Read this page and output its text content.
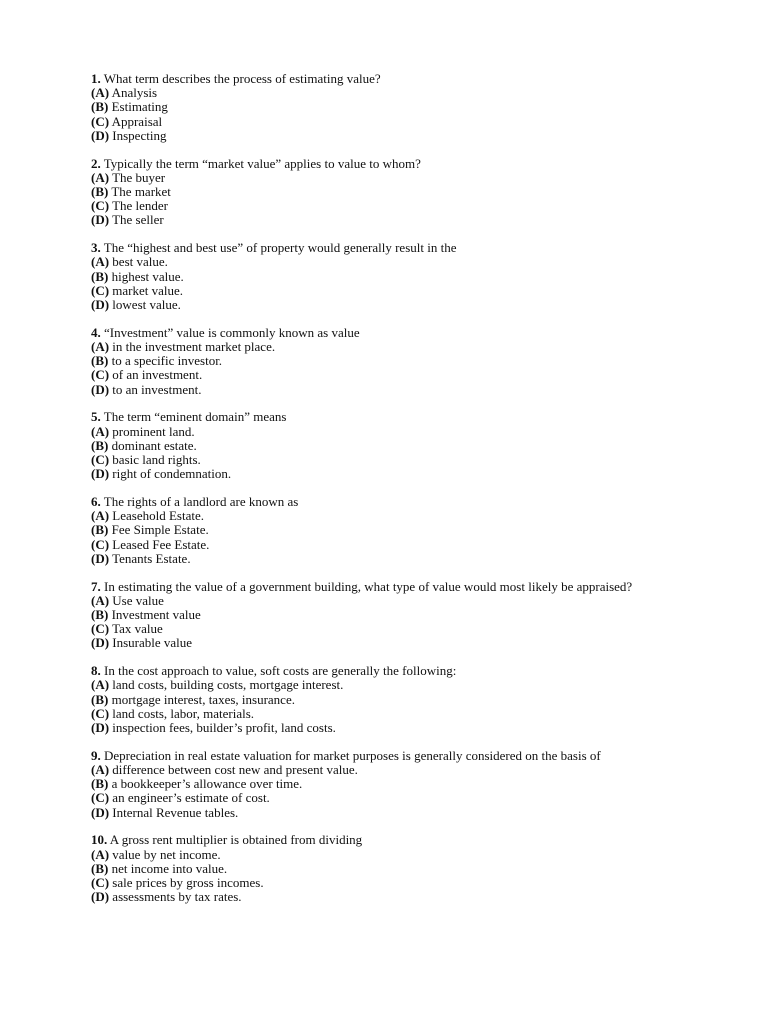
1. What term describes the process of estimating value?
(A) Analysis
(B) Estimating
(C) Appraisal
(D) Inspecting
2. Typically the term “market value” applies to value to whom?
(A) The buyer
(B) The market
(C) The lender
(D) The seller
3. The “highest and best use” of property would generally result in the
(A) best value.
(B) highest value.
(C) market value.
(D) lowest value.
4. “Investment” value is commonly known as value
(A) in the investment market place.
(B) to a specific investor.
(C) of an investment.
(D) to an investment.
5. The term “eminent domain” means
(A) prominent land.
(B) dominant estate.
(C) basic land rights.
(D) right of condemnation.
6. The rights of a landlord are known as
(A) Leasehold Estate.
(B) Fee Simple Estate.
(C) Leased Fee Estate.
(D) Tenants Estate.
7. In estimating the value of a government building, what type of value would most likely be appraised?
(A) Use value
(B) Investment value
(C) Tax value
(D) Insurable value
8. In the cost approach to value, soft costs are generally the following:
(A) land costs, building costs, mortgage interest.
(B) mortgage interest, taxes, insurance.
(C) land costs, labor, materials.
(D) inspection fees, builder’s profit, land costs.
9. Depreciation in real estate valuation for market purposes is generally considered on the basis of
(A) difference between cost new and present value.
(B) a bookkeeper’s allowance over time.
(C) an engineer’s estimate of cost.
(D) Internal Revenue tables.
10. A gross rent multiplier is obtained from dividing
(A) value by net income.
(B) net income into value.
(C) sale prices by gross incomes.
(D) assessments by tax rates.
